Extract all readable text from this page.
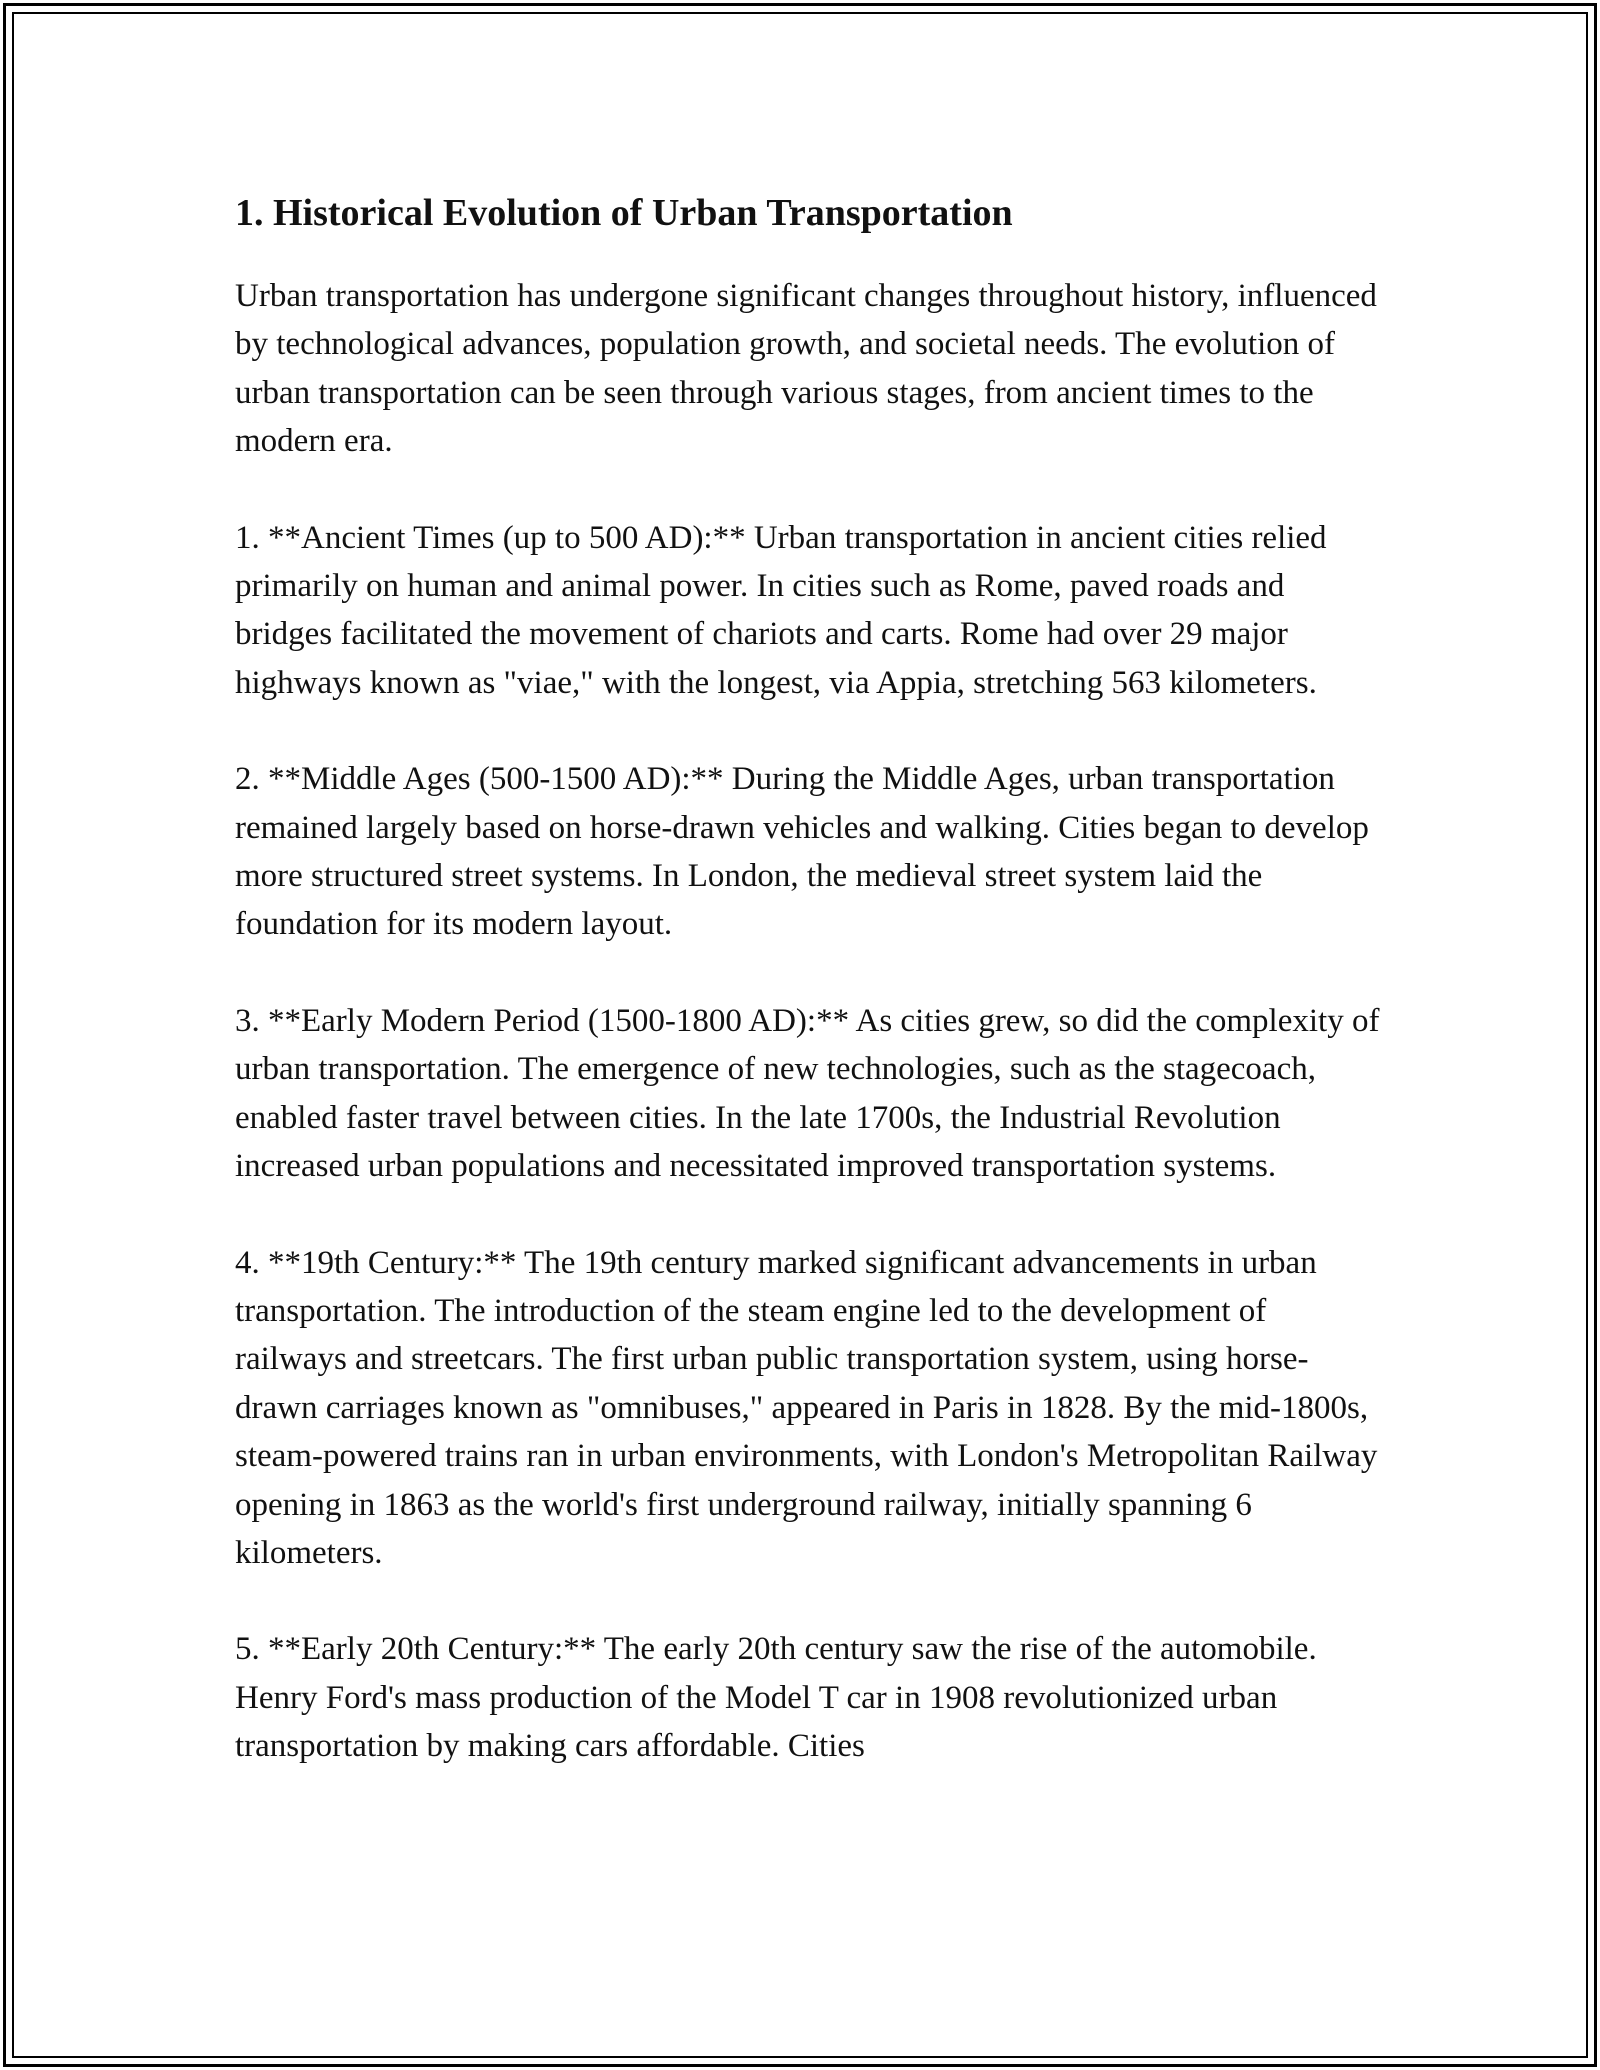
1. Historical Evolution of Urban Transportation

Urban transportation has undergone significant changes throughout history, influenced by technological advances, population growth, and societal needs. The evolution of urban transportation can be seen through various stages, from ancient times to the modern era.

1. **Ancient Times (up to 500 AD):** Urban transportation in ancient cities relied primarily on human and animal power. In cities such as Rome, paved roads and bridges facilitated the movement of chariots and carts. Rome had over 29 major highways known as "viae," with the longest, via Appia, stretching 563 kilometers.

2. **Middle Ages (500-1500 AD):** During the Middle Ages, urban transportation remained largely based on horse-drawn vehicles and walking. Cities began to develop more structured street systems. In London, the medieval street system laid the foundation for its modern layout.

3. **Early Modern Period (1500-1800 AD):** As cities grew, so did the complexity of urban transportation. The emergence of new technologies, such as the stagecoach, enabled faster travel between cities. In the late 1700s, the Industrial Revolution increased urban populations and necessitated improved transportation systems.

4. **19th Century:** The 19th century marked significant advancements in urban transportation. The introduction of the steam engine led to the development of railways and streetcars. The first urban public transportation system, using horse-drawn carriages known as "omnibuses," appeared in Paris in 1828. By the mid-1800s, steam-powered trains ran in urban environments, with London's Metropolitan Railway opening in 1863 as the world's first underground railway, initially spanning 6 kilometers.

5. **Early 20th Century:** The early 20th century saw the rise of the automobile. Henry Ford's mass production of the Model T car in 1908 revolutionized urban transportation by making cars affordable. Cities
